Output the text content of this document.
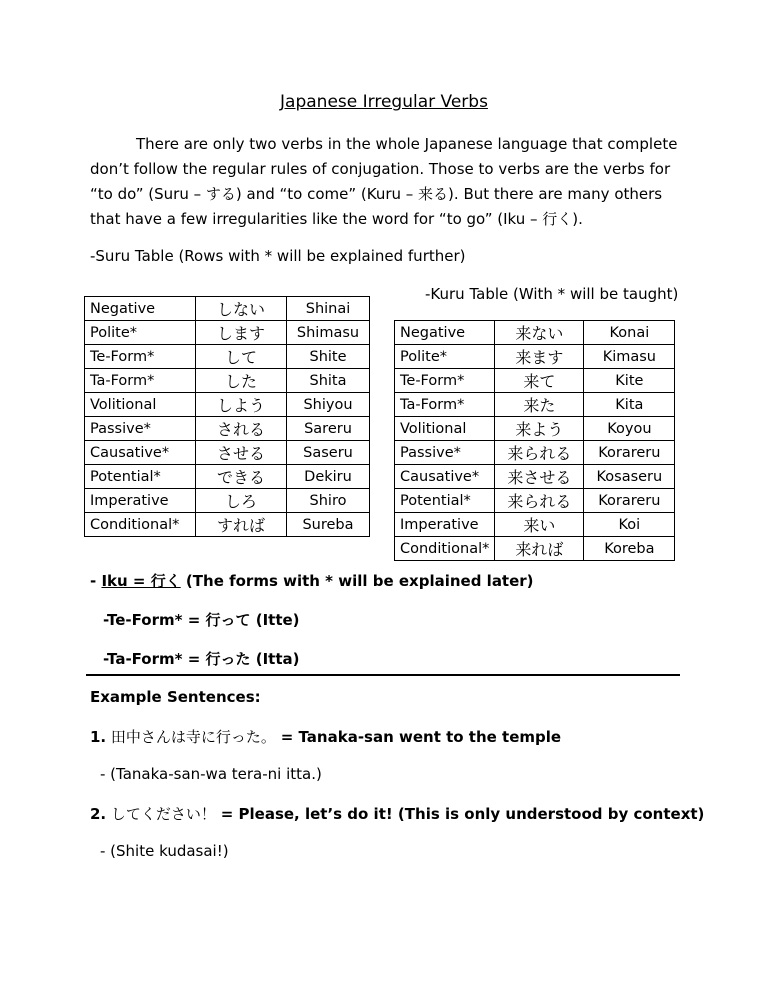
Japanese Irregular Verbs

There are only two verbs in the whole Japanese language that complete don’t follow the regular rules of conjugation. Those to verbs are the verbs for “to do” (Suru – する) and “to come” (Kuru – 来る). But there are many others that have a few irregularities like the word for “to go” (Iku – 行く).

-Suru Table (Rows with * will be explained further)
Negative	しない	Shinai
Polite*	します	Shimasu
Te-Form*	して	Shite
Ta-Form*	した	Shita
Volitional	しよう	Shiyou
Passive*	される	Sareru
Causative*	させる	Saseru
Potential*	できる	Dekiru
Imperative	しろ	Shiro
Conditional*	すれば	Sureba
-Kuru Table (With * will be taught)
Negative	来ない	Konai
Polite*	来ます	Kimasu
Te-Form*	来て	Kite
Ta-Form*	来た	Kita
Volitional	来よう	Koyou
Passive*	来られる	Korareru
Causative*	来させる	Kosaseru
Potential*	来られる	Korareru
Imperative	来い	Koi
Conditional*	来れば	Koreba
- Iku = 行く (The forms with * will be explained later)
-Te-Form* = 行って (Itte)
-Ta-Form* = 行った (Itta)
Example Sentences:
1. 田中さんは寺に行った。 = Tanaka-san went to the temple
- (Tanaka-san-wa tera-ni itta.)
2. してください！ = Please, let’s do it! (This is only understood by context)
- (Shite kudasai!)
